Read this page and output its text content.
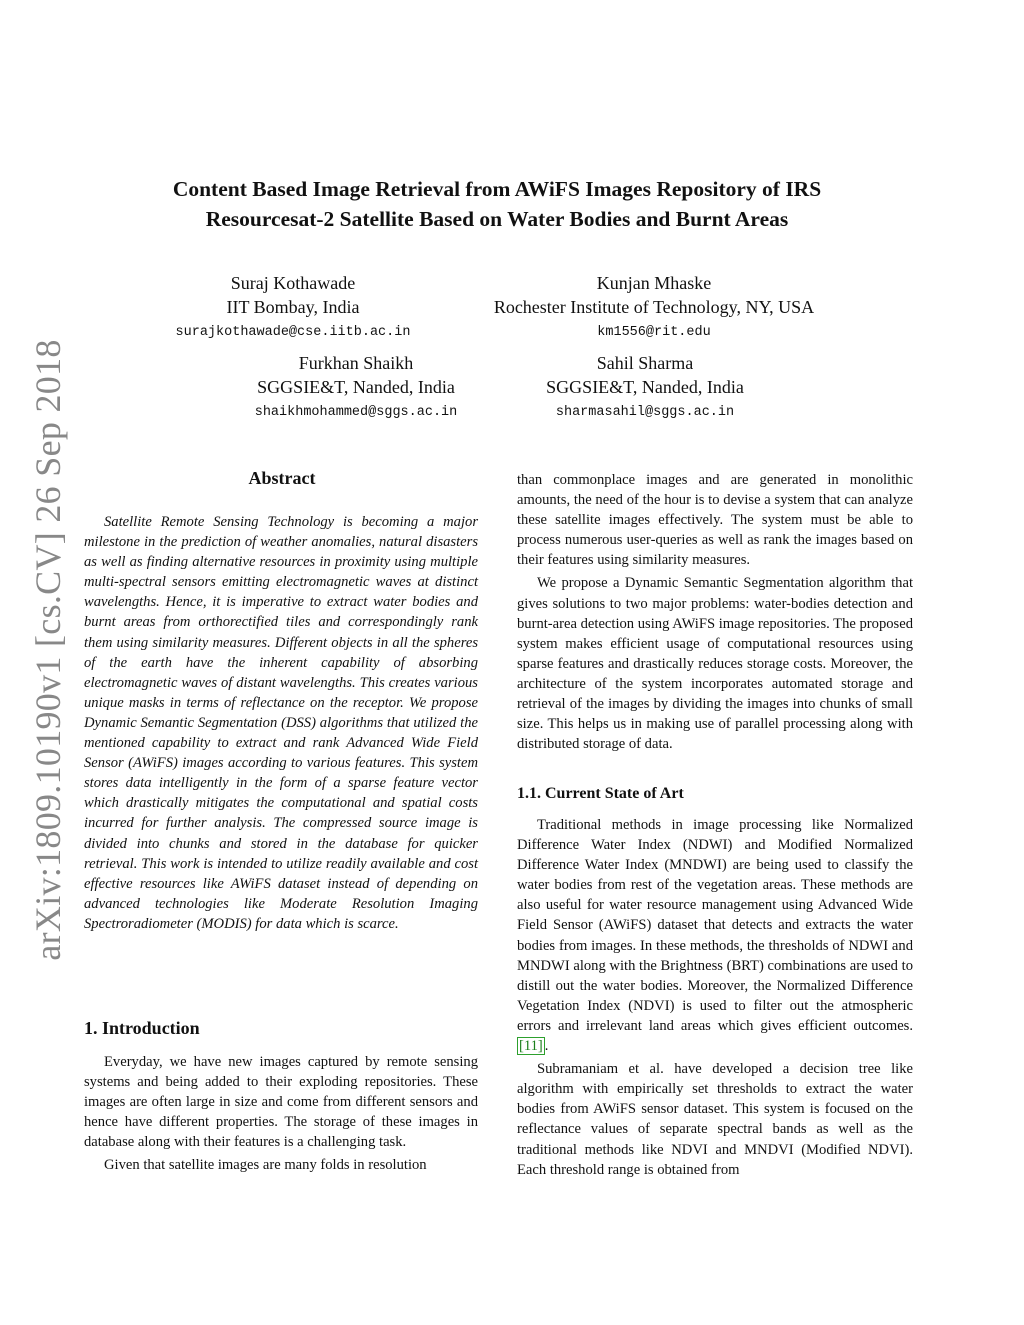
arXiv:1809.10190v1 [cs.CV] 26 Sep 2018
Content Based Image Retrieval from AWiFS Images Repository of IRS
Resourcesat-2 Satellite Based on Water Bodies and Burnt Areas
Suraj Kothawade
IIT Bombay, India
surajkothawade@cse.iitb.ac.in
Kunjan Mhaske
Rochester Institute of Technology, NY, USA
km1556@rit.edu
Furkhan Shaikh
SGGSIE&T, Nanded, India
shaikhmohammed@sggs.ac.in
Sahil Sharma
SGGSIE&T, Nanded, India
sharmasahil@sggs.ac.in
Abstract

Satellite Remote Sensing Technology is becoming a major milestone in the prediction of weather anomalies, natural disasters as well as finding alternative resources in proximity using multiple multi-spectral sensors emitting electromagnetic waves at distinct wavelengths. Hence, it is imperative to extract water bodies and burnt areas from orthorectified tiles and correspondingly rank them using similarity measures. Different objects in all the spheres of the earth have the inherent capability of absorbing electromagnetic waves of distant wavelengths. This creates various unique masks in terms of reflectance on the receptor. We propose Dynamic Semantic Segmentation (DSS) algorithms that utilized the mentioned capability to extract and rank Advanced Wide Field Sensor (AWiFS) images according to various features. This system stores data intelligently in the form of a sparse feature vector which drastically mitigates the computational and spatial costs incurred for further analysis. The compressed source image is divided into chunks and stored in the database for quicker retrieval. This work is intended to utilize readily available and cost effective resources like AWiFS dataset instead of depending on advanced technologies like Moderate Resolution Imaging Spectroradiometer (MODIS) for data which is scarce.

1. Introduction

Everyday, we have new images captured by remote sensing systems and being added to their exploding repositories. These images are often large in size and come from different sensors and hence have different properties. The storage of these images in database along with their features is a challenging task.

Given that satellite images are many folds in resolution

than commonplace images and are generated in monolithic amounts, the need of the hour is to devise a system that can analyze these satellite images effectively. The system must be able to process numerous user-queries as well as rank the images based on their features using similarity measures.

We propose a Dynamic Semantic Segmentation algorithm that gives solutions to two major problems: water-bodies detection and burnt-area detection using AWiFS image repositories. The proposed system makes efficient usage of computational resources using sparse features and drastically reduces storage costs. Moreover, the architecture of the system incorporates automated storage and retrieval of the images by dividing the images into chunks of small size. This helps us in making use of parallel processing along with distributed storage of data.

1.1. Current State of Art

Traditional methods in image processing like Normalized Difference Water Index (NDWI) and Modified Normalized Difference Water Index (MNDWI) are being used to classify the water bodies from rest of the vegetation areas. These methods are also useful for water resource management using Advanced Wide Field Sensor (AWiFS) dataset that detects and extracts the water bodies from images. In these methods, the thresholds of NDWI and MNDWI along with the Brightness (BRT) combinations are used to distill out the water bodies. Moreover, the Normalized Difference Vegetation Index (NDVI) is used to filter out the atmospheric errors and irrelevant land areas which gives efficient outcomes. [11] .

Subramaniam et al. have developed a decision tree like algorithm with empirically set thresholds to extract the water bodies from AWiFS sensor dataset. This system is focused on the reflectance values of separate spectral bands as well as the traditional methods like NDVI and MNDVI (Modified NDVI). Each threshold range is obtained from
